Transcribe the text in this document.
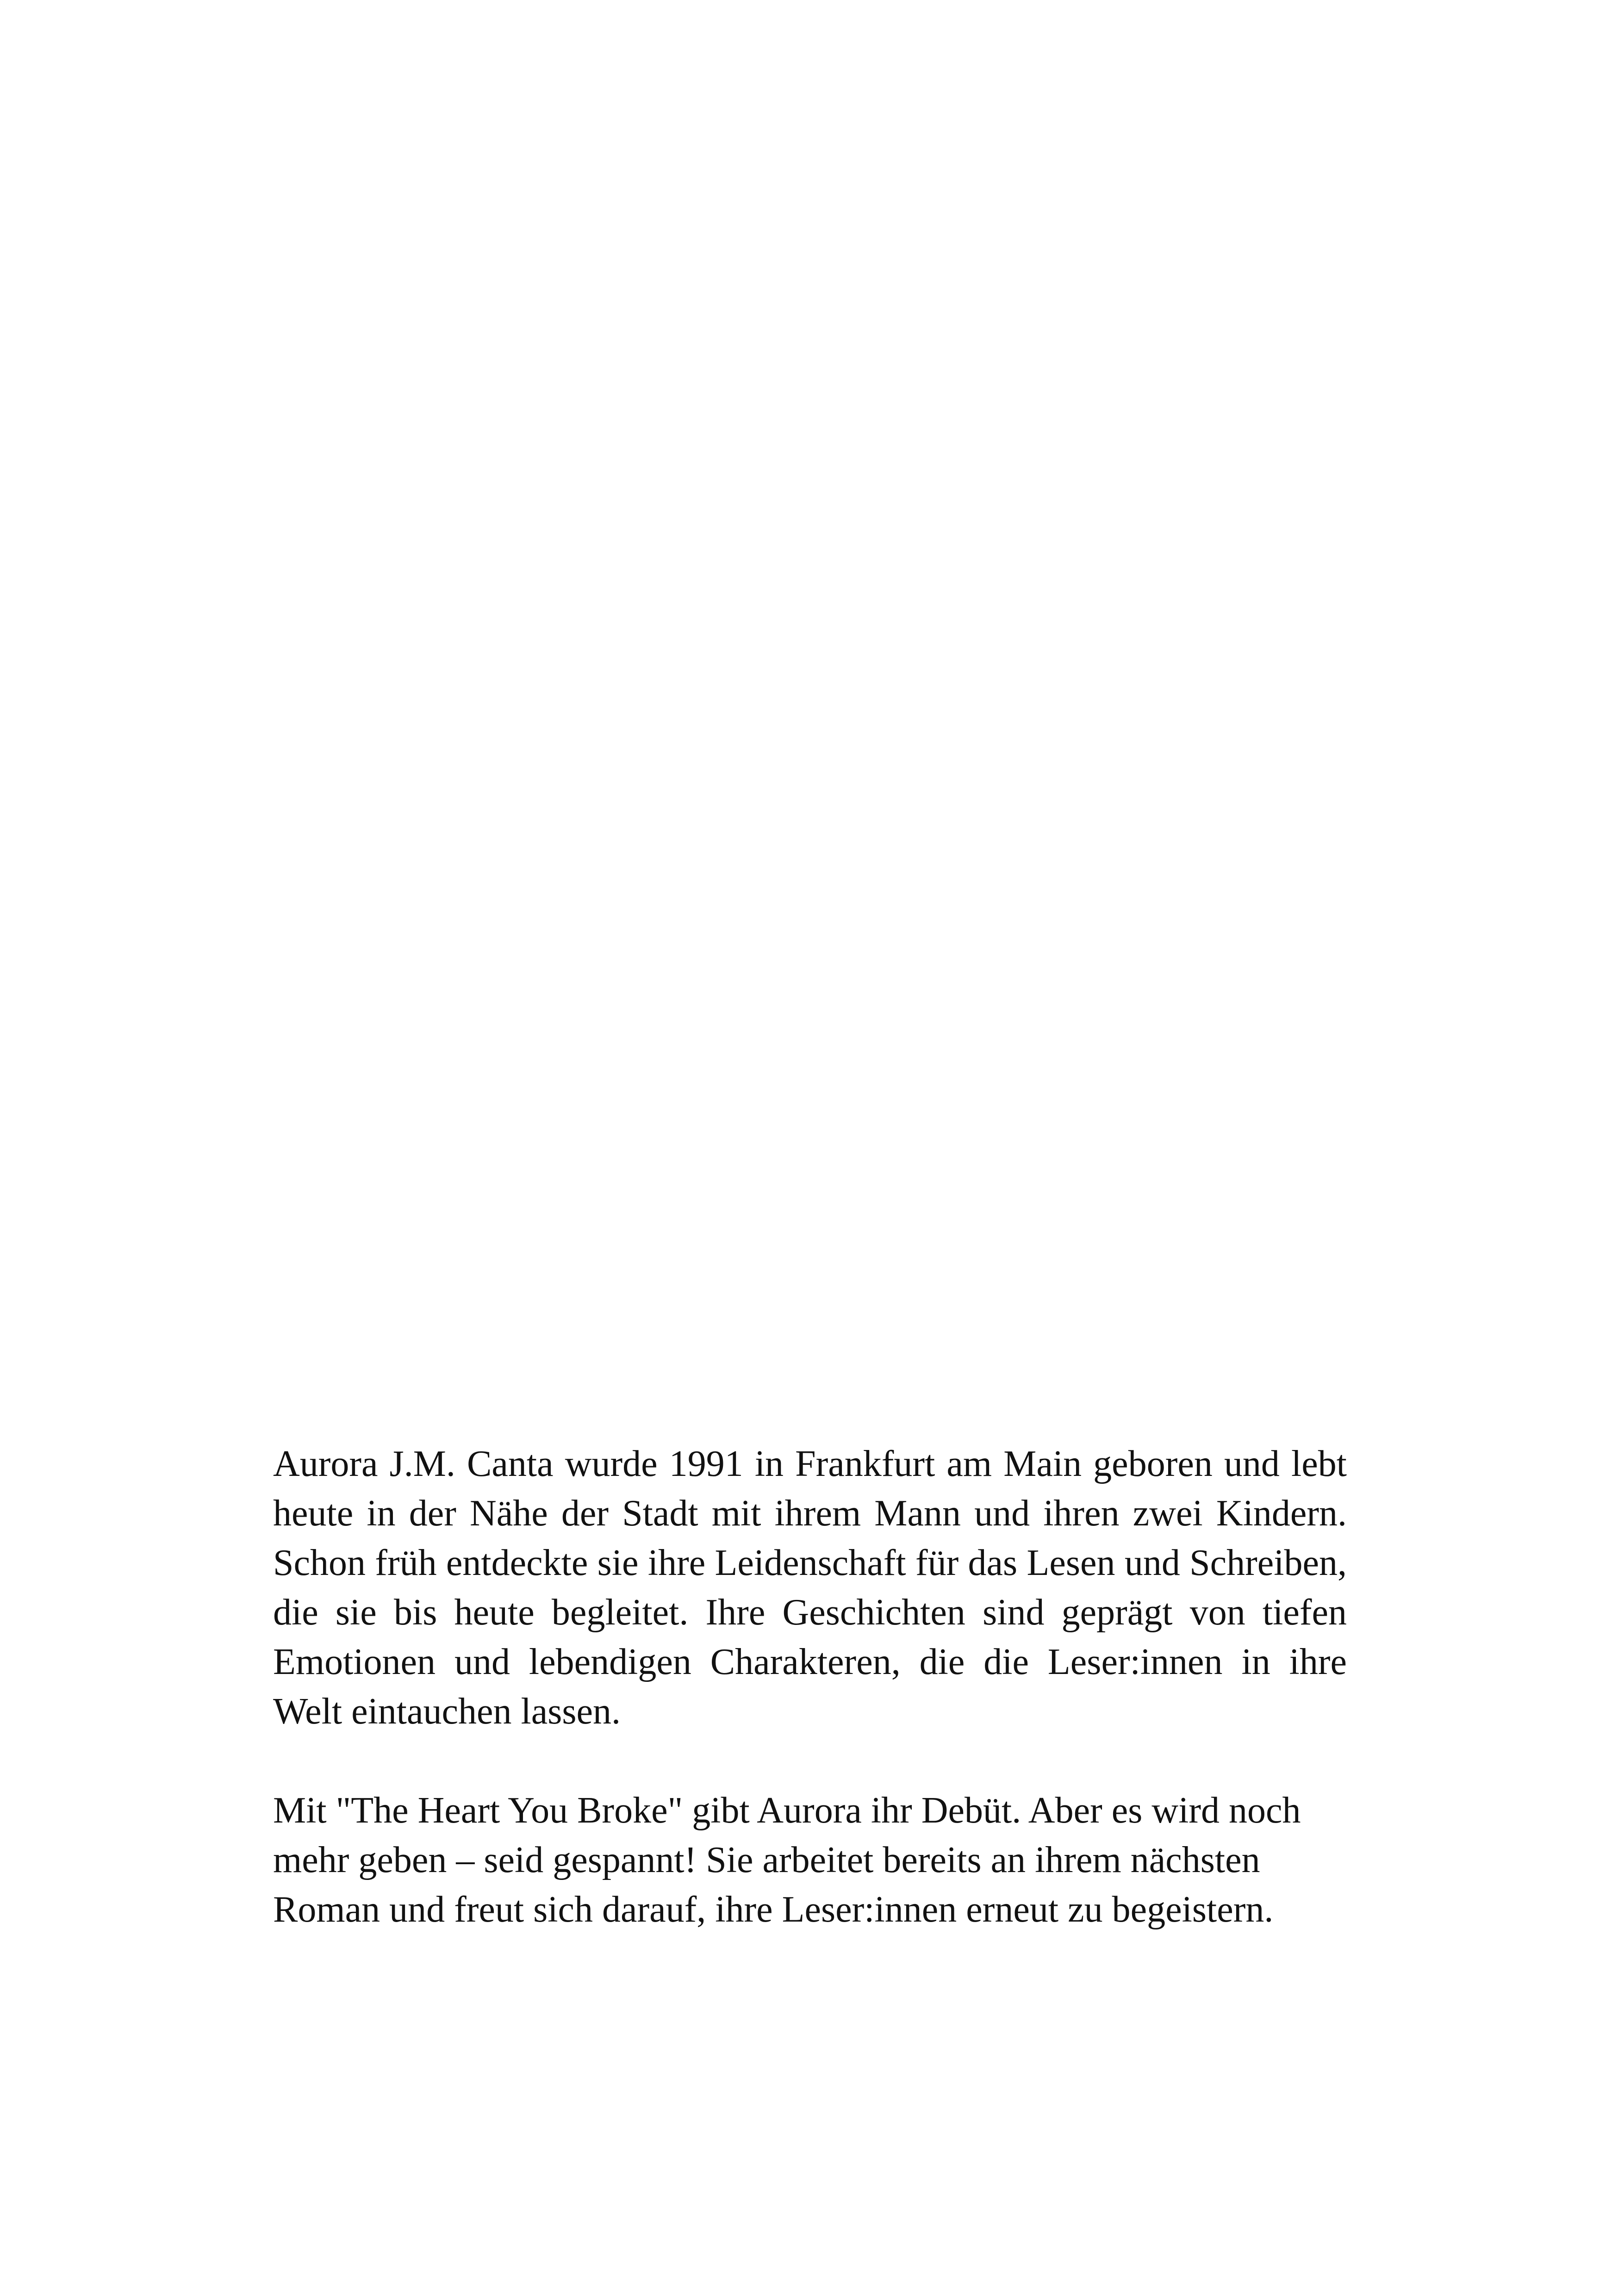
Aurora J.M. Canta wurde 1991 in Frankfurt am Main geboren und lebt heute in der Nähe der Stadt mit ihrem Mann und ihren zwei Kindern. Schon früh entdeckte sie ihre Leidenschaft für das Lesen und Schreiben, die sie bis heute begleitet. Ihre Geschichten sind geprägt von tiefen Emotionen und lebendigen Charakteren, die die Leser:innen in ihre Welt eintauchen lassen.

Mit "The Heart You Broke" gibt Aurora ihr Debüt. Aber es wird noch mehr geben – seid gespannt! Sie arbeitet bereits an ihrem nächsten Roman und freut sich darauf, ihre Leser:innen erneut zu begeistern.
